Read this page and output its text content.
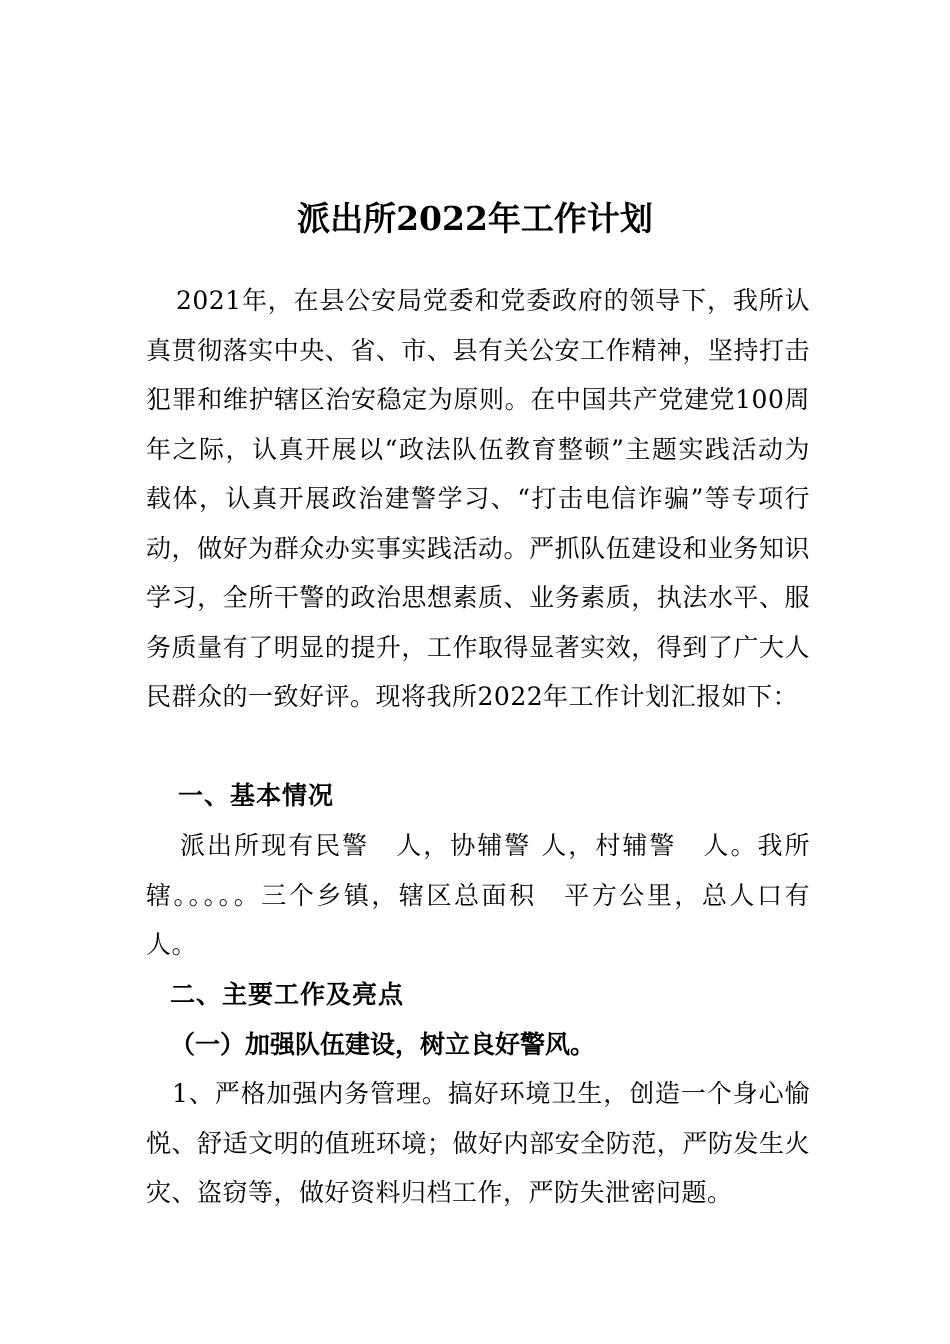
派出所2022年工作计划

2021年，在县公安局党委和党委政府的领导下，我所认真贯彻落实中央、省、市、县有关公安工作精神，坚持打击犯罪和维护辖区治安稳定为原则。在中国共产党建党100周年之际，认真开展以“政法队伍教育整顿”主题实践活动为载体，认真开展政治建警学习、“打击电信诈骗”等专项行动，做好为群众办实事实践活动。严抓队伍建设和业务知识学习，全所干警的政治思想素质、业务素质，执法水平、服务质量有了明显的提升，工作取得显著实效，得到了广大人民群众的一致好评。现将我所2022年工作计划汇报如下：

一、基本情况

派出所现有民警　人，协辅警 人，村辅警　人。我所辖。。。。。三个乡镇，辖区总面积　平方公里，总人口有　人。

二、主要工作及亮点
（一）加强队伍建设，树立良好警风。

1、严格加强内务管理。搞好环境卫生，创造一个身心愉悦、舒适文明的值班环境；做好内部安全防范，严防发生火灾、盗窃等，做好资料归档工作，严防失泄密问题。
